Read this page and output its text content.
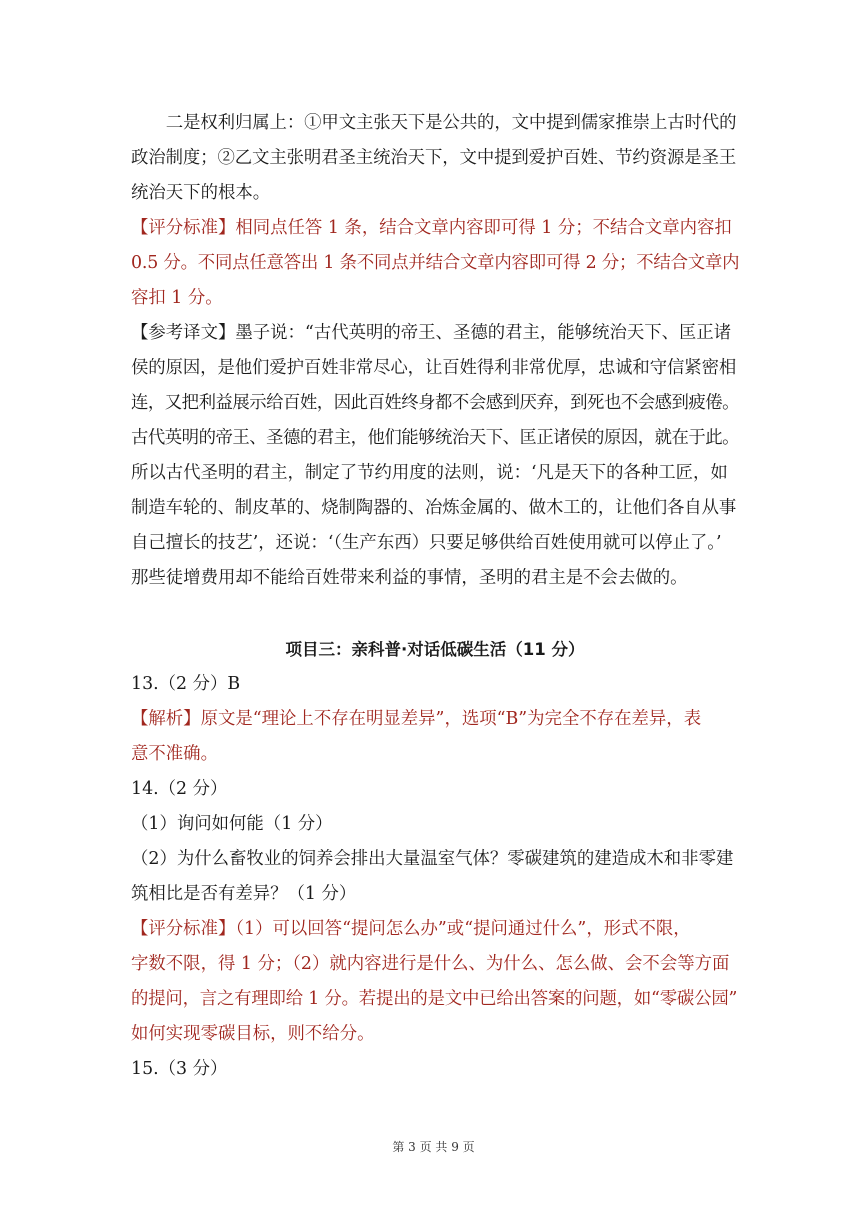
二是权利归属上：①甲文主张天下是公共的，文中提到儒家推崇上古时代的
政治制度；②乙文主张明君圣主统治天下，文中提到爱护百姓、节约资源是圣王
统治天下的根本。
【评分标准】相同点任答 1 条，结合文章内容即可得 1 分；不结合文章内容扣
0.5 分。不同点任意答出 1 条不同点并结合文章内容即可得 2 分；不结合文章内
容扣 1 分。
【参考译文】墨子说：“古代英明的帝王、圣德的君主，能够统治天下、匡正诸
侯的原因，是他们爱护百姓非常尽心，让百姓得利非常优厚，忠诚和守信紧密相
连，又把利益展示给百姓，因此百姓终身都不会感到厌弃，到死也不会感到疲倦。
古代英明的帝王、圣德的君主，他们能够统治天下、匡正诸侯的原因，就在于此。
所以古代圣明的君主，制定了节约用度的法则，说：‘凡是天下的各种工匠，如
制造车轮的、制皮革的、烧制陶器的、冶炼金属的、做木工的，让他们各自从事
自己擅长的技艺’，还说：‘（生产东西）只要足够供给百姓使用就可以停止了。’
那些徒增费用却不能给百姓带来利益的事情，圣明的君主是不会去做的。
项目三：亲科普·对话低碳生活（11 分）
13.（2 分）B
【解析】原文是“理论上不存在明显差异”，选项“B”为完全不存在差异，表
意不准确。
14.（2 分）
（1）询问如何能（1 分）
（2）为什么畜牧业的饲养会排出大量温室气体？零碳建筑的建造成木和非零建
筑相比是否有差异？（1 分）
【评分标准】（1）可以回答“提问怎么办”或“提问通过什么”，形式不限，
字数不限，得 1 分；（2）就内容进行是什么、为什么、怎么做、会不会等方面
的提问，言之有理即给 1 分。若提出的是文中已给出答案的问题，如“零碳公园”
如何实现零碳目标，则不给分。
15.（3 分）
第 3 页 共 9 页
